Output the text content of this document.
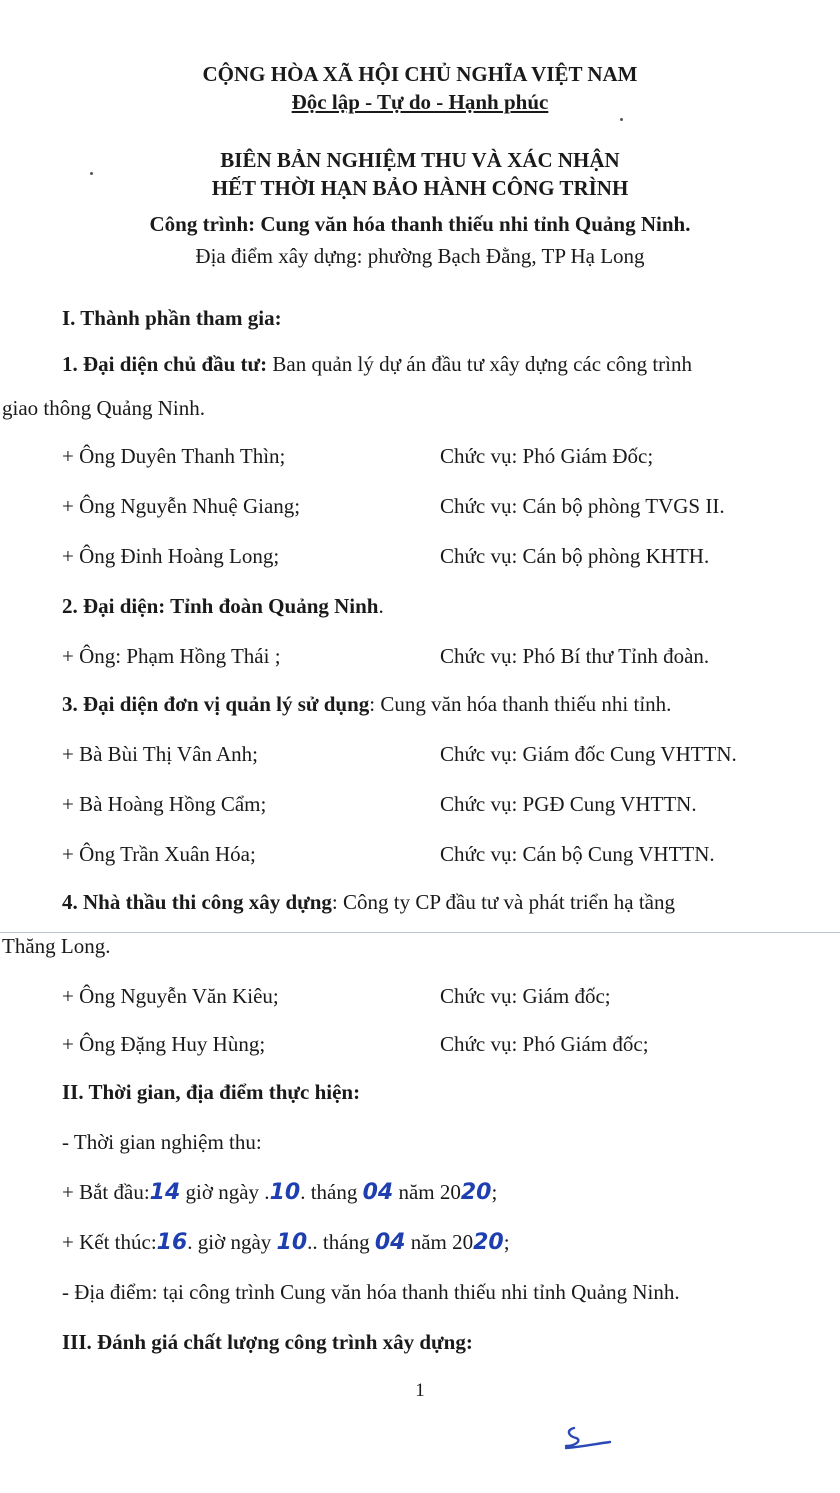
CỘNG HÒA XÃ HỘI CHỦ NGHĨA VIỆT NAM
Độc lập - Tự do - Hạnh phúc
BIÊN BẢN NGHIỆM THU VÀ XÁC NHẬN
HẾT THỜI HẠN BẢO HÀNH CÔNG TRÌNH
Công trình: Cung văn hóa thanh thiếu nhi tỉnh Quảng Ninh.
Địa điểm xây dựng: phường Bạch Đằng, TP Hạ Long
I. Thành phần tham gia:
1. Đại diện chủ đầu tư: Ban quản lý dự án đầu tư xây dựng các công trình
giao thông Quảng Ninh.
+ Ông Duyên Thanh Thìn;	Chức vụ: Phó Giám Đốc;
+ Ông Nguyễn Nhuệ Giang;	Chức vụ: Cán bộ phòng TVGS II.
+ Ông Đinh Hoàng Long;	Chức vụ: Cán bộ phòng KHTH.
2. Đại diện: Tỉnh đoàn Quảng Ninh.
+ Ông: Phạm Hồng Thái ;	Chức vụ: Phó Bí thư Tỉnh đoàn.
3. Đại diện đơn vị quản lý sử dụng: Cung văn hóa thanh thiếu nhi tỉnh.
+ Bà Bùi Thị Vân Anh;	Chức vụ: Giám đốc Cung VHTTN.
+ Bà Hoàng Hồng Cẩm;	Chức vụ: PGĐ Cung VHTTN.
+ Ông Trần Xuân Hóa;	Chức vụ: Cán bộ Cung VHTTN.
4. Nhà thầu thi công xây dựng: Công ty CP đầu tư và phát triển hạ tầng
Thăng Long.
+ Ông Nguyễn Văn Kiêu;	Chức vụ: Giám đốc;
+ Ông Đặng Huy Hùng;	Chức vụ: Phó Giám đốc;
II. Thời gian, địa điểm thực hiện:
- Thời gian nghiệm thu:
+ Bắt đầu:14 giờ ngày .10. tháng 04 năm 2020;
+ Kết thúc:16. giờ ngày 10.. tháng 04 năm 2020;
- Địa điểm: tại công trình Cung văn hóa thanh thiếu nhi tỉnh Quảng Ninh.
III. Đánh giá chất lượng công trình xây dựng:
1
